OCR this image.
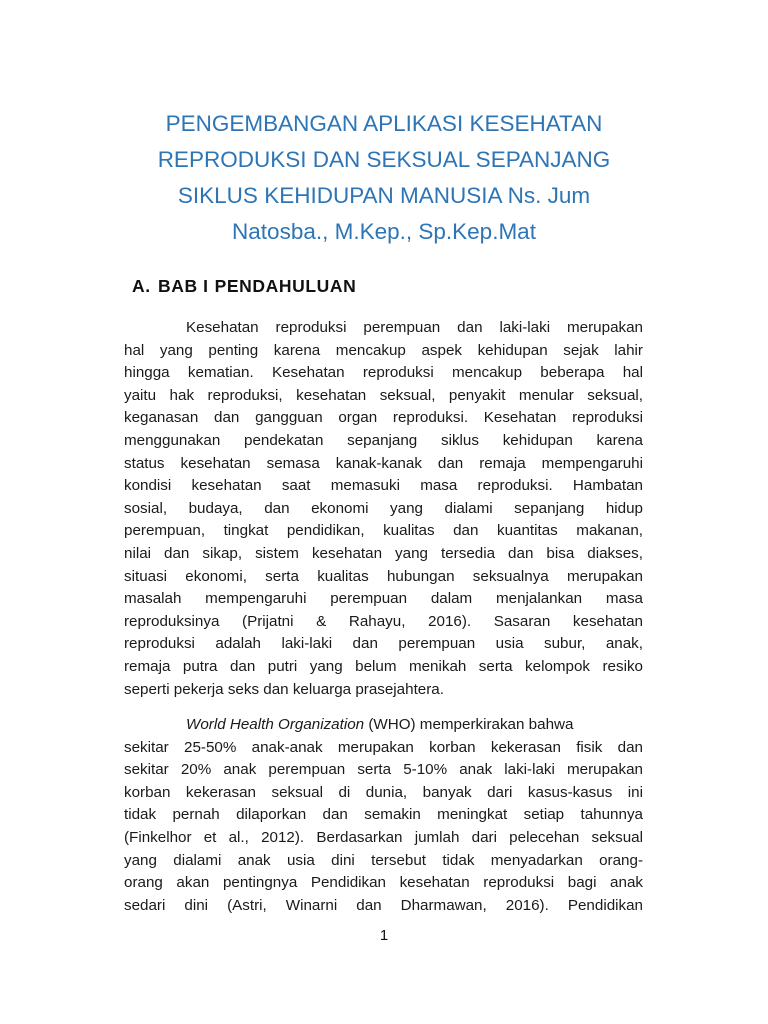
PENGEMBANGAN APLIKASI KESEHATAN
REPRODUKSI DAN SEKSUAL SEPANJANG
SIKLUS KEHIDUPAN MANUSIA Ns. Jum
Natosba., M.Kep., Sp.Kep.Mat
A. BAB I PENDAHULUAN
Kesehatan reproduksi perempuan dan laki-laki merupakan
hal yang penting karena mencakup aspek kehidupan sejak lahir
hingga kematian. Kesehatan reproduksi mencakup beberapa hal
yaitu hak reproduksi, kesehatan seksual, penyakit menular seksual,
keganasan dan gangguan organ reproduksi. Kesehatan reproduksi
menggunakan pendekatan sepanjang siklus kehidupan karena
status kesehatan semasa kanak-kanak dan remaja mempengaruhi
kondisi kesehatan saat memasuki masa reproduksi. Hambatan
sosial, budaya, dan ekonomi yang dialami sepanjang hidup
perempuan, tingkat pendidikan, kualitas dan kuantitas makanan,
nilai dan sikap, sistem kesehatan yang tersedia dan bisa diakses,
situasi ekonomi, serta kualitas hubungan seksualnya merupakan
masalah mempengaruhi perempuan dalam menjalankan masa
reproduksinya (Prijatni & Rahayu, 2016). Sasaran kesehatan
reproduksi adalah laki-laki dan perempuan usia subur, anak,
remaja putra dan putri yang belum menikah serta kelompok resiko
seperti pekerja seks dan keluarga prasejahtera.
World Health Organization (WHO) memperkirakan bahwa
sekitar 25-50% anak-anak merupakan korban kekerasan fisik dan
sekitar 20% anak perempuan serta 5-10% anak laki-laki merupakan
korban kekerasan seksual di dunia, banyak dari kasus-kasus ini
tidak pernah dilaporkan dan semakin meningkat setiap tahunnya
(Finkelhor et al., 2012). Berdasarkan jumlah dari pelecehan seksual
yang dialami anak usia dini tersebut tidak menyadarkan orang-
orang akan pentingnya Pendidikan kesehatan reproduksi bagi anak
sedari dini (Astri, Winarni dan Dharmawan, 2016). Pendidikan
1
